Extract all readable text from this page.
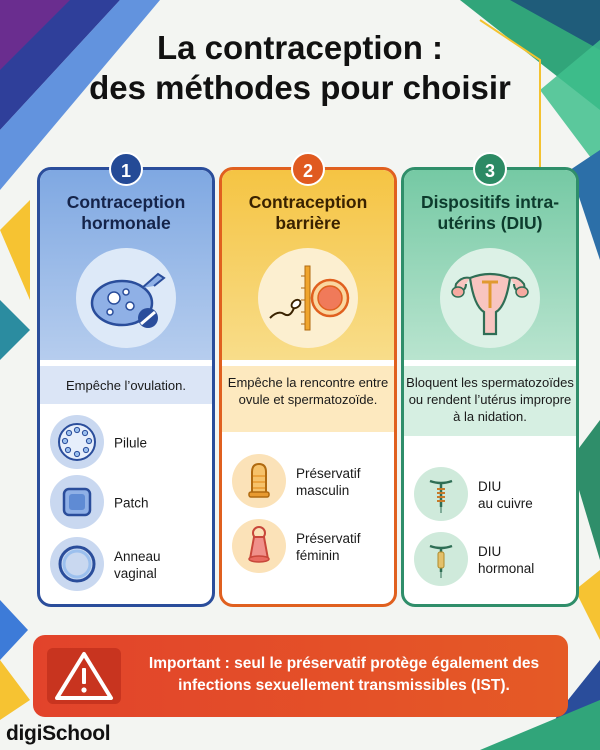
La contraception :
des méthodes pour choisir
Contraception hormonale
Empêche l’ovulation.
Pilule
Patch
Anneau
vaginal
Contraception barrière
Empêche la rencontre entre ovule et spermatozoïde.
Préservatif
masculin
Préservatif
féminin
Dispositifs intra-utérins (DIU)
Bloquent les spermatozoïdes ou rendent l’utérus impropre à la nidation.
DIU
au cuivre
DIU
hormonal
1	2	3
Important : seul le préservatif protège également des infections sexuellement transmissibles (IST).
digiSchool
